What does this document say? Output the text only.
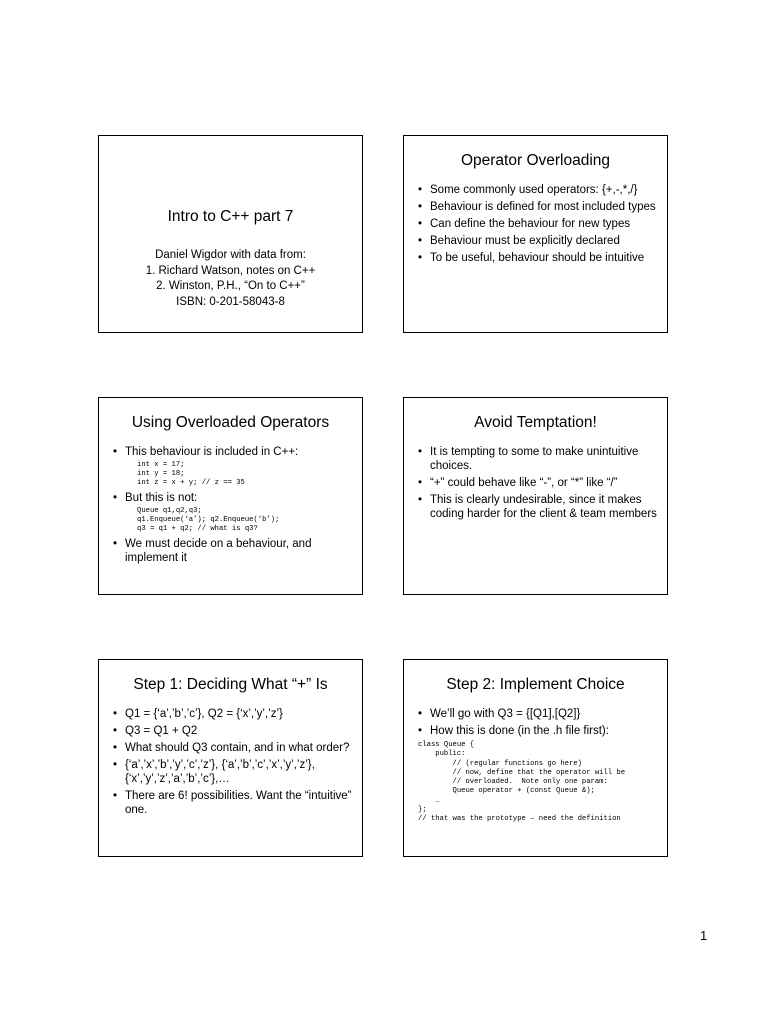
Intro to C++ part 7
Daniel Wigdor with data from:
1. Richard Watson, notes on C++
2. Winston, P.H., “On to C++”
ISBN: 0-201-58043-8
Operator Overloading
• Some commonly used operators: {+,-,*,/}
• Behaviour is defined for most included types
• Can define the behaviour for new types
• Behaviour must be explicitly declared
• To be useful, behaviour should be intuitive
Using Overloaded Operators
• This behaviour is included in C++:
int x = 17;
int y = 18;
int z = x + y; // z == 35
• But this is not:
Queue q1,q2,q3;
q1.Enqueue(‘a’); q2.Enqueue(‘b’);
q3 = q1 + q2; // what is q3?
• We must decide on a behaviour, and implement it
Avoid Temptation!
• It is tempting to some to make unintuitive choices.
• “+” could behave like “-”, or “*” like “/”
• This is clearly undesirable, since it makes coding harder for the client & team members
Step 1: Deciding What “+” Is
• Q1 = {‘a’,’b’,’c’}, Q2 = {‘x’,’y’,’z’}
• Q3 = Q1 + Q2
• What should Q3 contain, and in what order?
• {‘a’,’x’,’b’,’y’,’c’,’z’}, {‘a’,’b’,’c’,’x’,’y’,’z’}, {‘x’,’y’,’z’,’a’,’b’,’c’},…
• There are 6! possibilities. Want the “intuitive” one.
Step 2: Implement Choice
• We’ll go with Q3 = {[Q1],[Q2]}
• How this is done (in the .h file first):
class Queue {
public:
// (regular functions go here)
// now, define that the operator will be
// overloaded.  Note only one param:
Queue operator + (const Queue &);
…
};
// that was the prototype – need the definition
1
